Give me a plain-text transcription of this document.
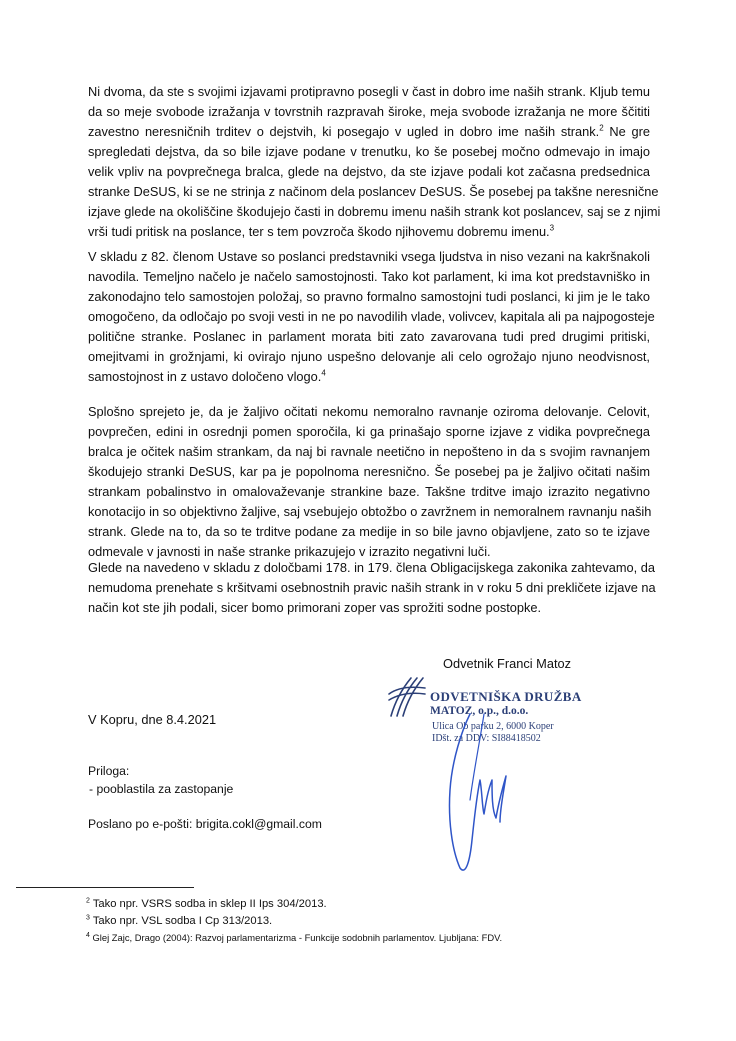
Ni dvoma, da ste s svojimi izjavami protipravno posegli v čast in dobro ime naših strank. Kljub temu
da so meje svobode izražanja v tovrstnih razpravah široke, meja svobode izražanja ne more ščititi
zavestno neresničnih trditev o dejstvih, ki posegajo v ugled in dobro ime naših strank.$^2$ Ne gre
spregledati dejstva, da so bile izjave podane v trenutku, ko še posebej močno odmevajo in imajo
velik vpliv na povprečnega bralca, glede na dejstvo, da ste izjave podali kot začasna predsednica
stranke DeSUS, ki se ne strinja z načinom dela poslancev DeSUS. Še posebej pa takšne neresnične
izjave glede na okoliščine škodujejo časti in dobremu imenu naših strank kot poslancev, saj se z njimi
vrši tudi pritisk na poslance, ter s tem povzroča škodo njihovemu dobremu imenu.$^3$
V skladu z 82. členom Ustave so poslanci predstavniki vsega ljudstva in niso vezani na kakršnakoli
navodila. Temeljno načelo je načelo samostojnosti. Tako kot parlament, ki ima kot predstavniško in
zakonodajno telo samostojen položaj, so pravno formalno samostojni tudi poslanci, ki jim je le tako
omogočeno, da odločajo po svoji vesti in ne po navodilih vlade, volivcev, kapitala ali pa najpogosteje
politične stranke. Poslanec in parlament morata biti zato zavarovana tudi pred drugimi pritiski,
omejitvami in grožnjami, ki ovirajo njuno uspešno delovanje ali celo ogrožajo njuno neodvisnost,
samostojnost in z ustavo določeno vlogo.$^4$
Splošno sprejeto je, da je žaljivo očitati nekomu nemoralno ravnanje oziroma delovanje. Celovit,
povprečen, edini in osrednji pomen sporočila, ki ga prinašajo sporne izjave z vidika povprečnega
bralca je očitek našim strankam, da naj bi ravnale neetično in nepošteno in da s svojim ravnanjem
škodujejo stranki DeSUS, kar pa je popolnoma neresnično. Še posebej pa je žaljivo očitati našim
strankam pobalinstvo in omalovaževanje strankine baze. Takšne trditve imajo izrazito negativno
konotacijo in so objektivno žaljive, saj vsebujejo obtožbo o zavržnem in nemoralnem ravnanju naših
strank. Glede na to, da so te trditve podane za medije in so bile javno objavljene, zato so te izjave
odmevale v javnosti in naše stranke prikazujejo v izrazito negativni luči.
Glede na navedeno v skladu z določbami 178. in 179. člena Obligacijskega zakonika zahtevamo, da
nemudoma prenehate s kršitvami osebnostnih pravic naših strank in v roku 5 dni prekličete izjave na
način kot ste jih podali, sicer bomo primorani zoper vas sprožiti sodne postopke.

Odvetnik Franci Matoz

V Kopru, dne 8.4.2021

Priloga:

- pooblastila za zastopanje

Poslano po e-pošti: brigita.cokl@gmail.com

ODVETNIŠKA DRUŽBA
MATOZ, o.p., d.o.o.
Ulica Ob parku 2, 6000 Koper
IDšt. za DDV: SI88418502

$^2$ Tako npr. VSRS sodba in sklep II Ips 304/2013.

$^3$ Tako npr. VSL sodba I Cp 313/2013.

$^4$ Glej Zajc, Drago (2004): Razvoj parlamentarizma - Funkcije sodobnih parlamentov. Ljubljana: FDV.
